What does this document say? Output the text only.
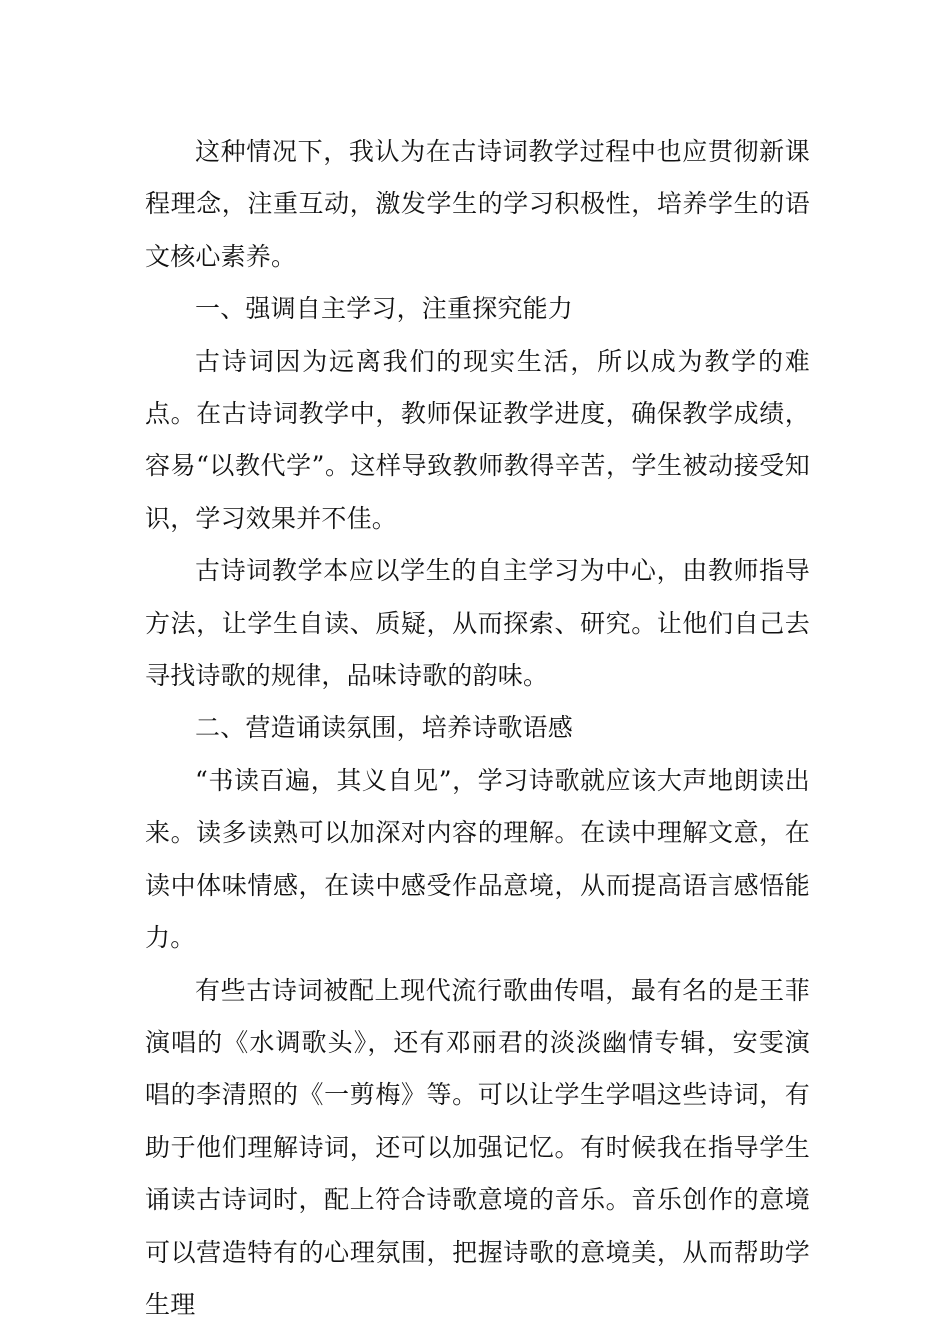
这种情况下，我认为在古诗词教学过程中也应贯彻新课程理念，注重互动，激发学生的学习积极性，培养学生的语文核心素养。

一、强调自主学习，注重探究能力

古诗词因为远离我们的现实生活，所以成为教学的难点。在古诗词教学中，教师保证教学进度，确保教学成绩，容易“以教代学”。这样导致教师教得辛苦，学生被动接受知识，学习效果并不佳。

古诗词教学本应以学生的自主学习为中心，由教师指导方法，让学生自读、质疑，从而探索、研究。让他们自己去寻找诗歌的规律，品味诗歌的韵味。

二、营造诵读氛围，培养诗歌语感

“书读百遍，其义自见”，学习诗歌就应该大声地朗读出来。读多读熟可以加深对内容的理解。在读中理解文意，在读中体味情感，在读中感受作品意境，从而提高语言感悟能力。

有些古诗词被配上现代流行歌曲传唱，最有名的是王菲演唱的《水调歌头》，还有邓丽君的淡淡幽情专辑，安雯演唱的李清照的《一剪梅》等。可以让学生学唱这些诗词，有助于他们理解诗词，还可以加强记忆。有时候我在指导学生诵读古诗词时，配上符合诗歌意境的音乐。音乐创作的意境可以营造特有的心理氛围，把握诗歌的意境美，从而帮助学生理
